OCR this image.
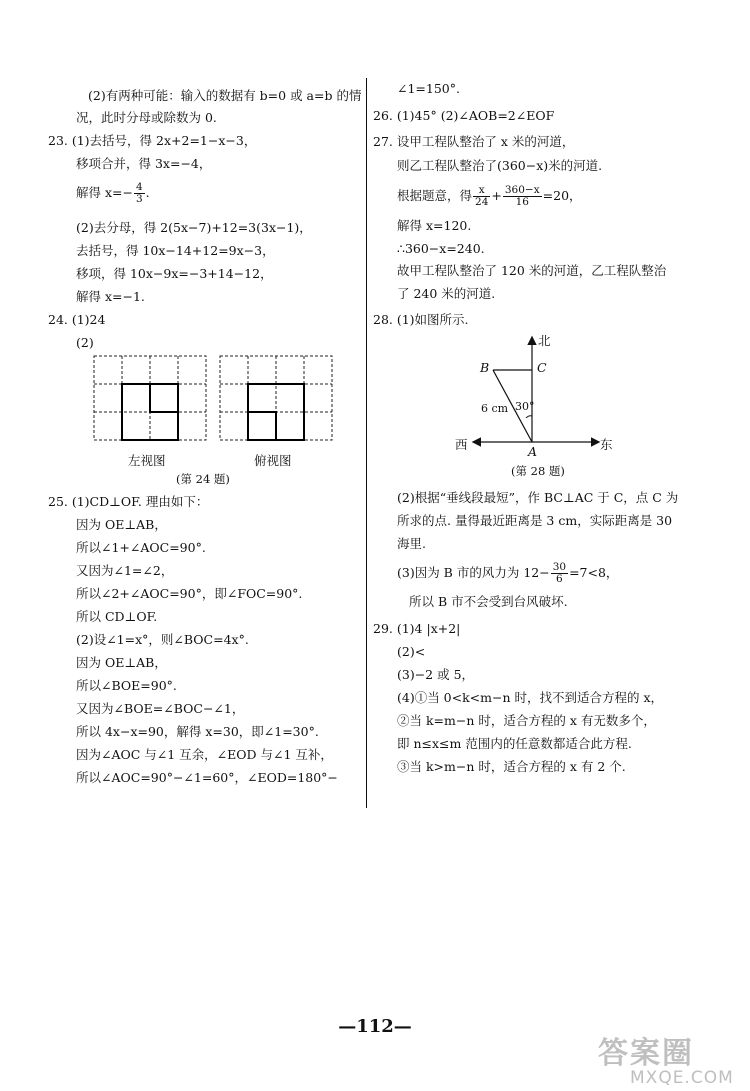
(2)有两种可能：输入的数据有 b=0 或 a=b 的情
况，此时分母或除数为 0.
23. (1)去括号，得 2x+2=1−x−3，
移项合并，得 3x=−4，
解得 $x=- \frac{4}{3}$ .
(2)去分母，得 2(5x−7)+12=3(3x−1)，
去括号，得 10x−14+12=9x−3，
移项，得 10x−9x=−3+14−12，
解得 x=−1.
24. (1)24
(2)
左视图	俯视图
(第 24 题)
25. (1)CD⊥OF. 理由如下：
因为 OE⊥AB，
所以∠1+∠AOC=90°.
又因为∠1=∠2，
所以∠2+∠AOC=90°，即∠FOC=90°.
所以 CD⊥OF.
(2)设∠1=x°，则∠BOC=4x°.
因为 OE⊥AB，
所以∠BOE=90°.
又因为∠BOE=∠BOC−∠1，
所以 4x−x=90，解得 x=30，即∠1=30°.
因为∠AOC 与∠1 互余，∠EOD 与∠1 互补，
所以∠AOC=90°−∠1=60°，∠EOD=180°−
∠1=150°.
26. (1)45° (2)∠AOB=2∠EOF
27. 设甲工程队整治了 x 米的河道，
则乙工程队整治了(360−x)米的河道.
根据题意，得 $\frac{x}{24} + \frac{360-x}{16} =20$，
解得 x=120.
∴360−x=240.
故甲工程队整治了 120 米的河道，乙工程队整治
了 240 米的河道.
28. (1)如图所示.
北
西	东
B	C
A
6 cm 30°
(第 28 题)
(2)根据“垂线段最短”，作 BC⊥AC 于 C，点 C 为
所求的点. 量得最近距离是 3 cm，实际距离是 30
海里.
(3)因为 B 市的风力为 $12- \frac{30}{6} =7<8$，
所以 B 市不会受到台风破坏.
29. (1)4 |x+2|
(2)<
(3)−2 或 5，
(4)①当 0<k<m−n 时，找不到适合方程的 x，
②当 k=m−n 时，适合方程的 x 有无数多个，
即 n≤x≤m 范围内的任意数都适合此方程.
③当 k>m−n 时，适合方程的 x 有 2 个.
—112—
答案圈
MXQE.COM
